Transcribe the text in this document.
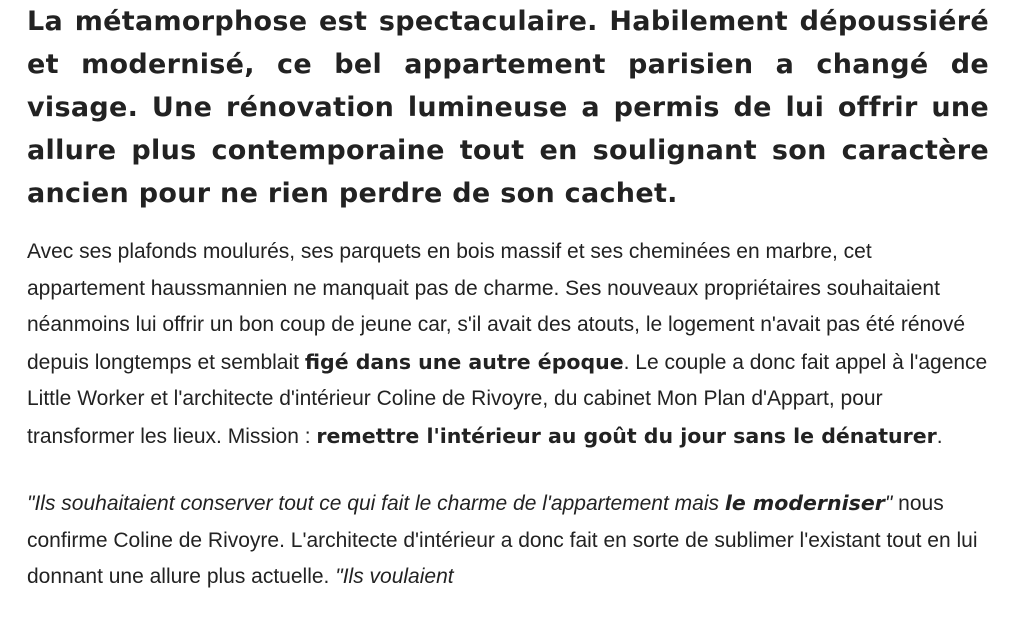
La métamorphose est spectaculaire. Habilement dépoussiéré et modernisé, ce bel appartement parisien a changé de visage. Une rénovation lumineuse a permis de lui offrir une allure plus contemporaine tout en soulignant son caractère ancien pour ne rien perdre de son cachet.

Avec ses plafonds moulurés, ses parquets en bois massif et ses cheminées en marbre, cet appartement haussmannien ne manquait pas de charme. Ses nouveaux propriétaires souhaitaient néanmoins lui offrir un bon coup de jeune car, s'il avait des atouts, le logement n'avait pas été rénové depuis longtemps et semblait figé dans une autre époque. Le couple a donc fait appel à l'agence Little Worker et l'architecte d'intérieur Coline de Rivoyre, du cabinet Mon Plan d'Appart, pour transformer les lieux. Mission : remettre l'intérieur au goût du jour sans le dénaturer.

"Ils souhaitaient conserver tout ce qui fait le charme de l'appartement mais le moderniser" nous confirme Coline de Rivoyre. L'architecte d'intérieur a donc fait en sorte de sublimer l'existant tout en lui donnant une allure plus actuelle. "Ils voulaient
